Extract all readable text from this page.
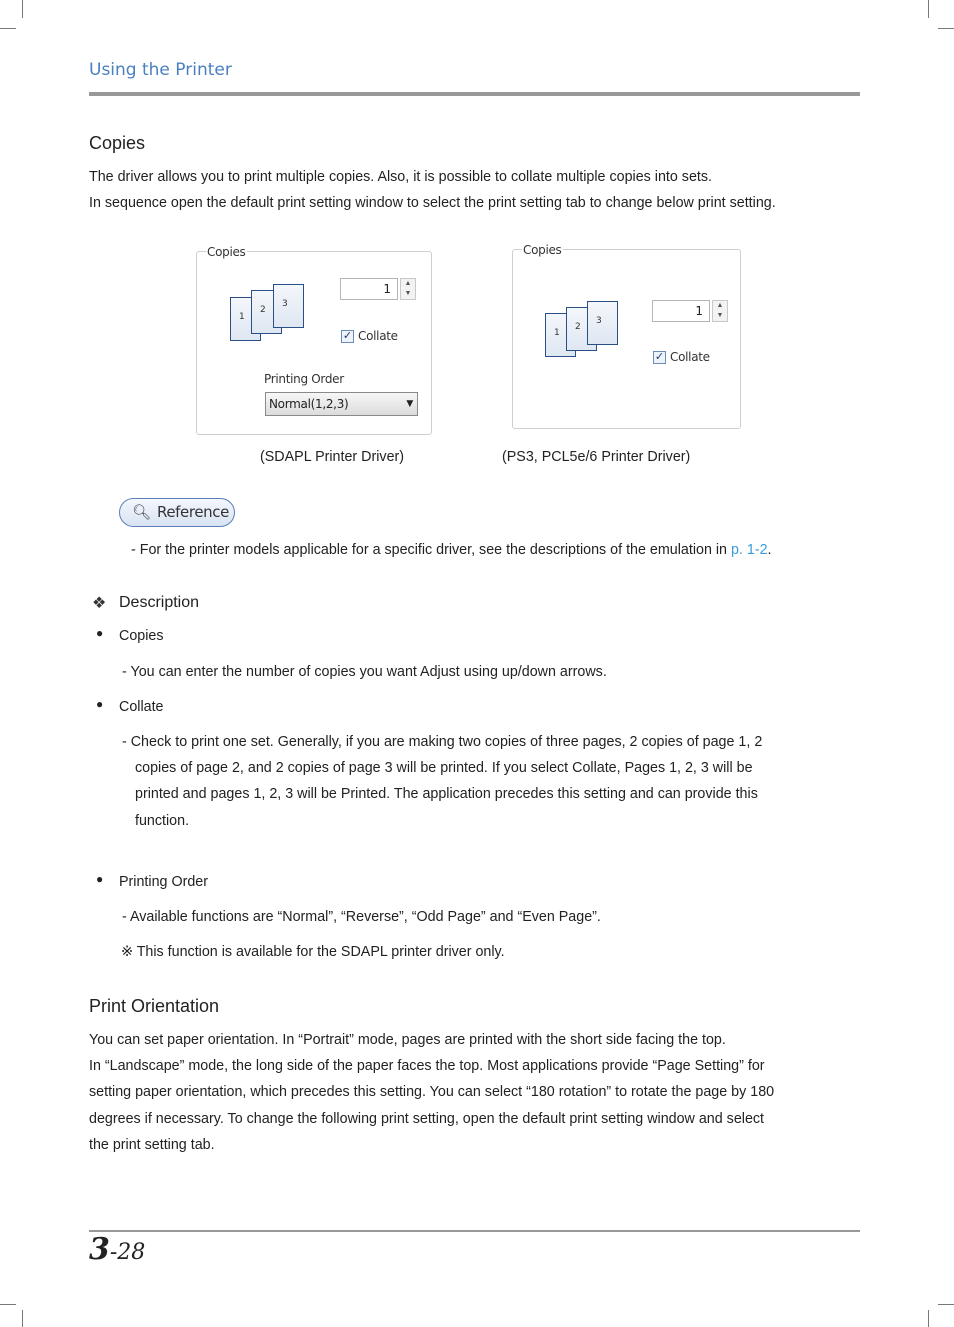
Using the Printer
Copies
The driver allows you to print multiple copies. Also, it is possible to collate multiple copies into sets.
In sequence open the default print setting window to select the print setting tab to change below print setting.
Copies
1
2
3
1	▲
▼
✓ Collate
Printing Order
Normal(1,2,3)	▼
Copies
1
2
3
1	▲
▼
✓ Collate
(SDAPL Printer Driver)	(PS3, PCL5e/6 Printer Driver)
🔍︎ Reference
- For the printer models applicable for a specific driver, see the descriptions of the emulation in p. 1-2.
❖ Description
● Copies
- You can enter the number of copies you want Adjust using up/down arrows.
● Collate
- Check to print one set. Generally, if you are making two copies of three pages, 2 copies of page 1, 2
copies of page 2, and 2 copies of page 3 will be printed. If you select Collate, Pages 1, 2, 3 will be
printed and pages 1, 2, 3 will be Printed. The application precedes this setting and can provide this
function.
● Printing Order
- Available functions are “Normal”, “Reverse”, “Odd Page” and “Even Page”.
※ This function is available for the SDAPL printer driver only.
Print Orientation
You can set paper orientation. In “Portrait” mode, pages are printed with the short side facing the top.
In “Landscape” mode, the long side of the paper faces the top. Most applications provide “Page Setting” for
setting paper orientation, which precedes this setting. You can select “180 rotation” to rotate the page by 180
degrees if necessary. To change the following print setting, open the default print setting window and select
the print setting tab.
3-28
